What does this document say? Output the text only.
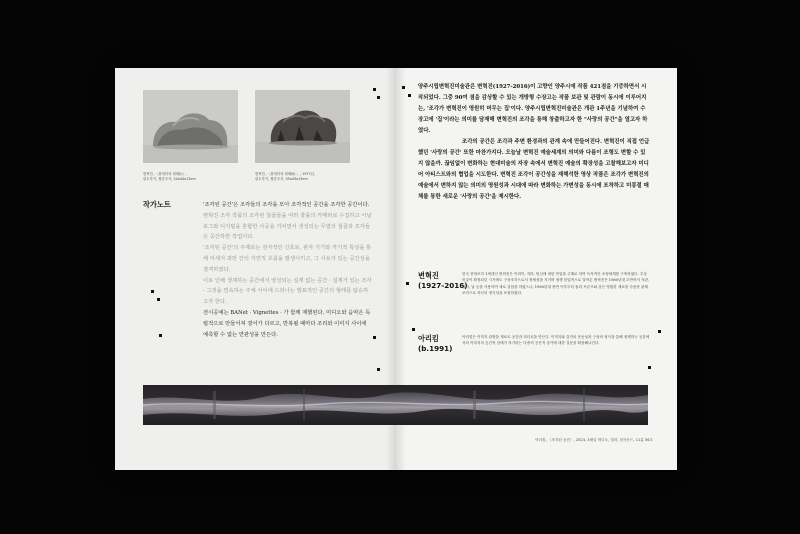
변혁진, 〈품엉터의 형태(Ⅰ)〉,
령도자기, 협층주사, 24x44x13cm
변혁진, 〈품엉터의 형태(Ⅱ) 〉, 1977년,
령도자기, 협층주사, 35x43x19cm
작가노트	'조각된 공간'은 조각들의 조각을 모아 조각적인 공간을 조각한 공간이다.

변혁진 조각 작품의 조각된 철골들을 여러 콜롤의 카메라로 수집하고 아날로그와 디지털을 혼합한 사공을 거치면서 생성되는 무엽의 철골과 조각들은 공간하한 작업이다.

'조각된 공간'의 주제로는 전자적인 신호로, 관자 기기와 카기적 특성을 통해 미세지 과만 간의 자연적 흐름을 발생시키고, 그 사유가 있는 공간성을 결격하였다.

이로 인해 생재하는 공간에서 영성되는 설계 없는 공간 · 설계가 있는 조각 · 그것을 연속하는 주체 사이에 드러나는 발표적인 공간의 형태를 탐승하고자 한다.

전시공예는 BANet · Vignettes · 가 함께 제했된다. 미디오와 음악은 독립적으로 만들어져 결어가 다르고, 반복될 때마다 조리와 이미지 사이에 예측할 수 없는 연관성을 만든다.

양주시립변혁진미술관은 변혁진(1927-2016)이 고향인 양주시에 작품 421점을 기증하면서 시작되었다. 그중 90여 점을 감상할 수 있는 개방형 수장고는 작품 보관 및 관람이 동시에 이루어지는, '조각가 변혁진이 영원히 머무는 집'이다. 양주시립변혁진미술관은 개관 1주년을 기념하여 수장고에 '집'이라는 의미를 담재해 변혁진의 조각을 통해 창출하고자 한 "사랑의 공간"을 열고자 하였다.

조각의 공간은 조각과 주변 환경과의 관계 속에 만들어진다. 변혁진이 직접 언급했던 '사랑의 공간' 또한 마찬가지다. 오늘날 변혁진 예술세계의 의미와 다름이 조형도 변할 수 있지 않을까. 끊임없이 변화하는 현대미술의 자장 속에서 변혁진 예술의 확장성을 고찰해보고자 미디어 아티스트와의 협업을 시도한다. 변혁진 조각이 공간성을 재해석한 영상 작품은 조각가 변혁진의 예술에서 변하지 않는 의미의 영원성과 시대에 따라 변화하는 가변성을 동시에 포착하고 미몽절 매체를 통한 새로운 '사랑의 공간'을 제시한다.

변혁진
(1927-2016)
한국 현대조각 1세대인 변혁진은 이력이, 자하, 틸심에 대한 작업을 주제로 하여 독자적인 조형세계를 구축하였다. 추상미술이 확장되던 시기에도 구상조각으로서 정체성을 지키며 평생 한업적으로 살아온 변혁진은 1960년대 초반까지 석관, 철사, 납 등을 사용하여 새로 실험을 하였으나, 1960년대 중반 이후부터 돌과 브론즈와 같은 영원한 재료를 사용한 관체 조각으로 자신의 영식성을 포함하였다.
아리킴
(b.1991)
아리킴은 이미지 관찰을 재료로 공간과 리더로을 만든다. 이미지와 감각의 운동성과 구성의 형식을 통해 정체하는 공감에서의 이미지의 공간적 상태가 자가하는 다중의 공간적 상가에 대한 질문을 확장해나간다.
아리킴, 〈조각된 공간〉, 2023, 3채널 비디오, 컬러, 한사운드, 11분 56초
